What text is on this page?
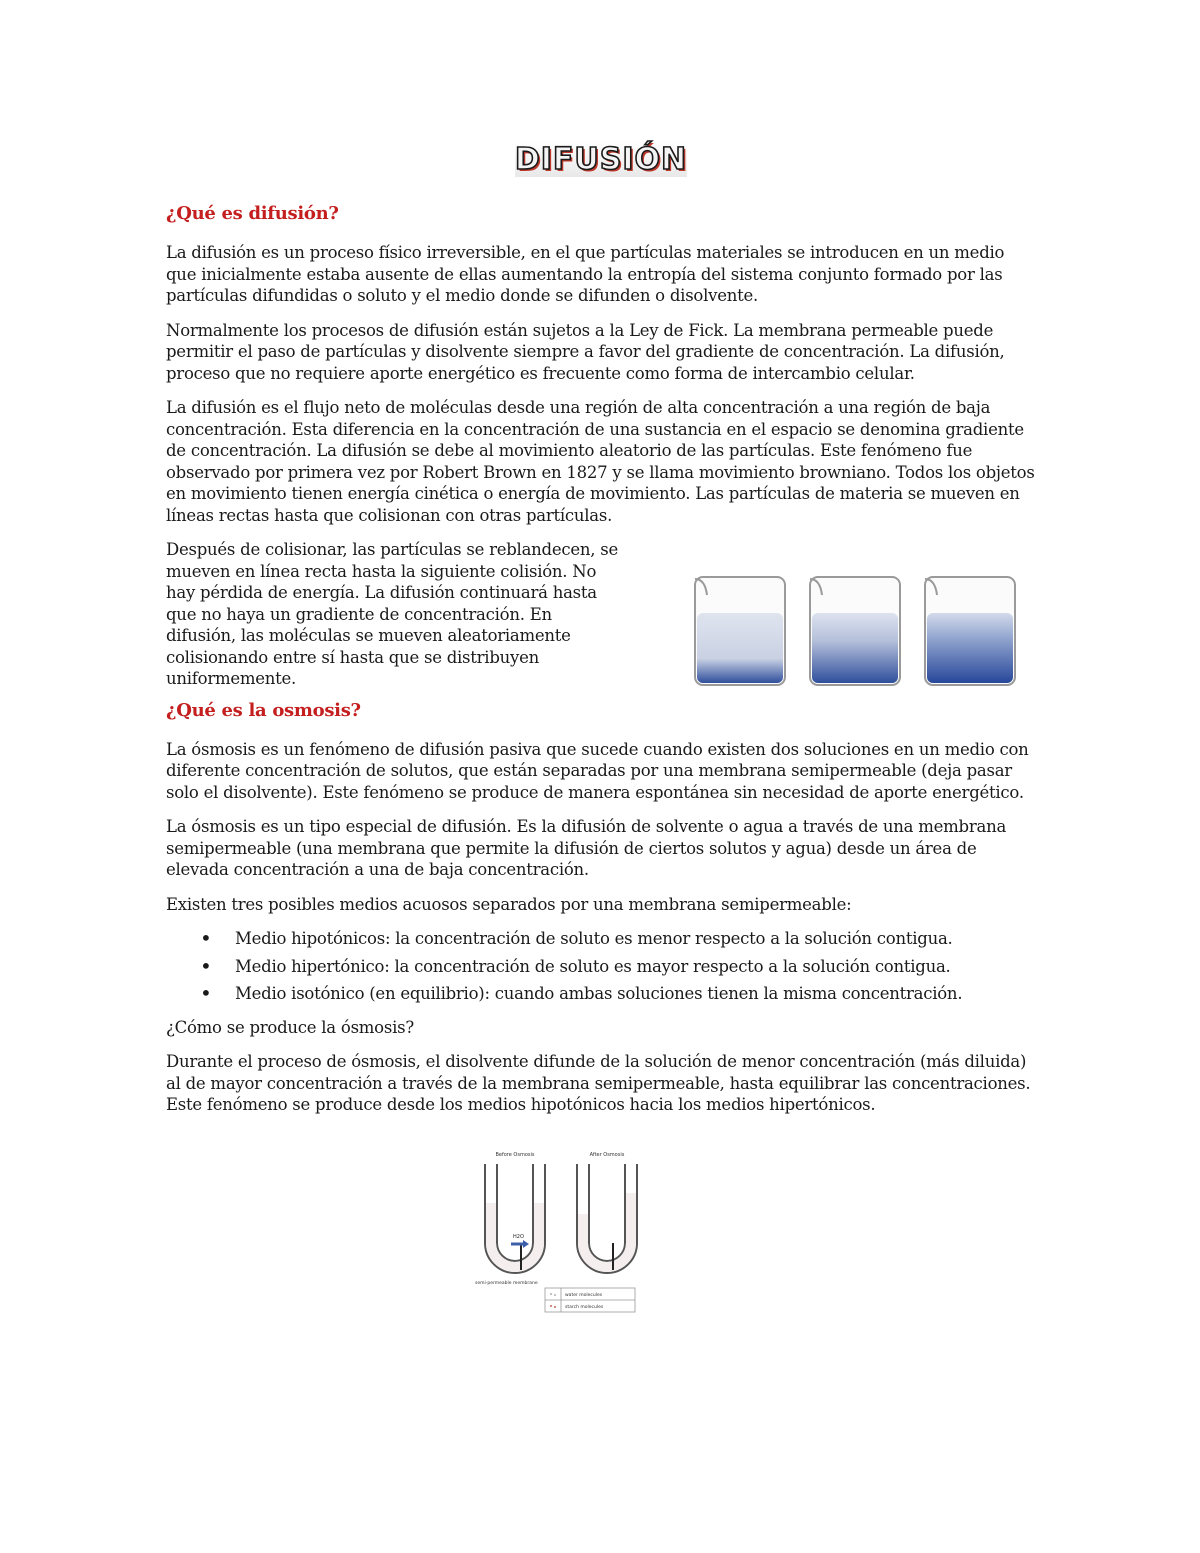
DIFUSIÓN
¿Qué es difusión?

La difusión es un proceso físico irreversible, en el que partículas materiales se introducen en un medio que inicialmente estaba ausente de ellas aumentando la entropía del sistema conjunto formado por las partículas difundidas o soluto y el medio donde se difunden o disolvente.

Normalmente los procesos de difusión están sujetos a la Ley de Fick. La membrana permeable puede permitir el paso de partículas y disolvente siempre a favor del gradiente de concentración. La difusión, proceso que no requiere aporte energético es frecuente como forma de intercambio celular.

La difusión es el flujo neto de moléculas desde una región de alta concentración a una región de baja concentración. Esta diferencia en la concentración de una sustancia en el espacio se denomina gradiente de concentración. La difusión se debe al movimiento aleatorio de las partículas. Este fenómeno fue observado por primera vez por Robert Brown en 1827 y se llama movimiento browniano. Todos los objetos en movimiento tienen energía cinética o energía de movimiento. Las partículas de materia se mueven en líneas rectas hasta que colisionan con otras partículas.

Después de colisionar, las partículas se reblandecen, se mueven en línea recta hasta la siguiente colisión. No hay pérdida de energía. La difusión continuará hasta que no haya un gradiente de concentración. En difusión, las moléculas se mueven aleatoriamente colisionando entre sí hasta que se distribuyen uniformemente.

¿Qué es la osmosis?

La ósmosis es un fenómeno de difusión pasiva que sucede cuando existen dos soluciones en un medio con diferente concentración de solutos, que están separadas por una membrana semipermeable (deja pasar solo el disolvente). Este fenómeno se produce de manera espontánea sin necesidad de aporte energético.

La ósmosis es un tipo especial de difusión. Es la difusión de solvente o agua a través de una membrana semipermeable (una membrana que permite la difusión de ciertos solutos y agua) desde un área de elevada concentración a una de baja concentración.

Existen tres posibles medios acuosos separados por una membrana semipermeable:

• Medio hipotónicos: la concentración de soluto es menor respecto a la solución contigua.
• Medio hipertónico: la concentración de soluto es mayor respecto a la solución contigua.
• Medio isotónico (en equilibrio): cuando ambas soluciones tienen la misma concentración.

¿Cómo se produce la ósmosis?

Durante el proceso de ósmosis, el disolvente difunde de la solución de menor concentración (más diluida) al de mayor concentración a través de la membrana semipermeable, hasta equilibrar las concentraciones. Este fenómeno se produce desde los medios hipotónicos hacia los medios hipertónicos.

Before Osmosis	After Osmosis
H2O
semi-permeable membrane
water molecules
starch molecules
